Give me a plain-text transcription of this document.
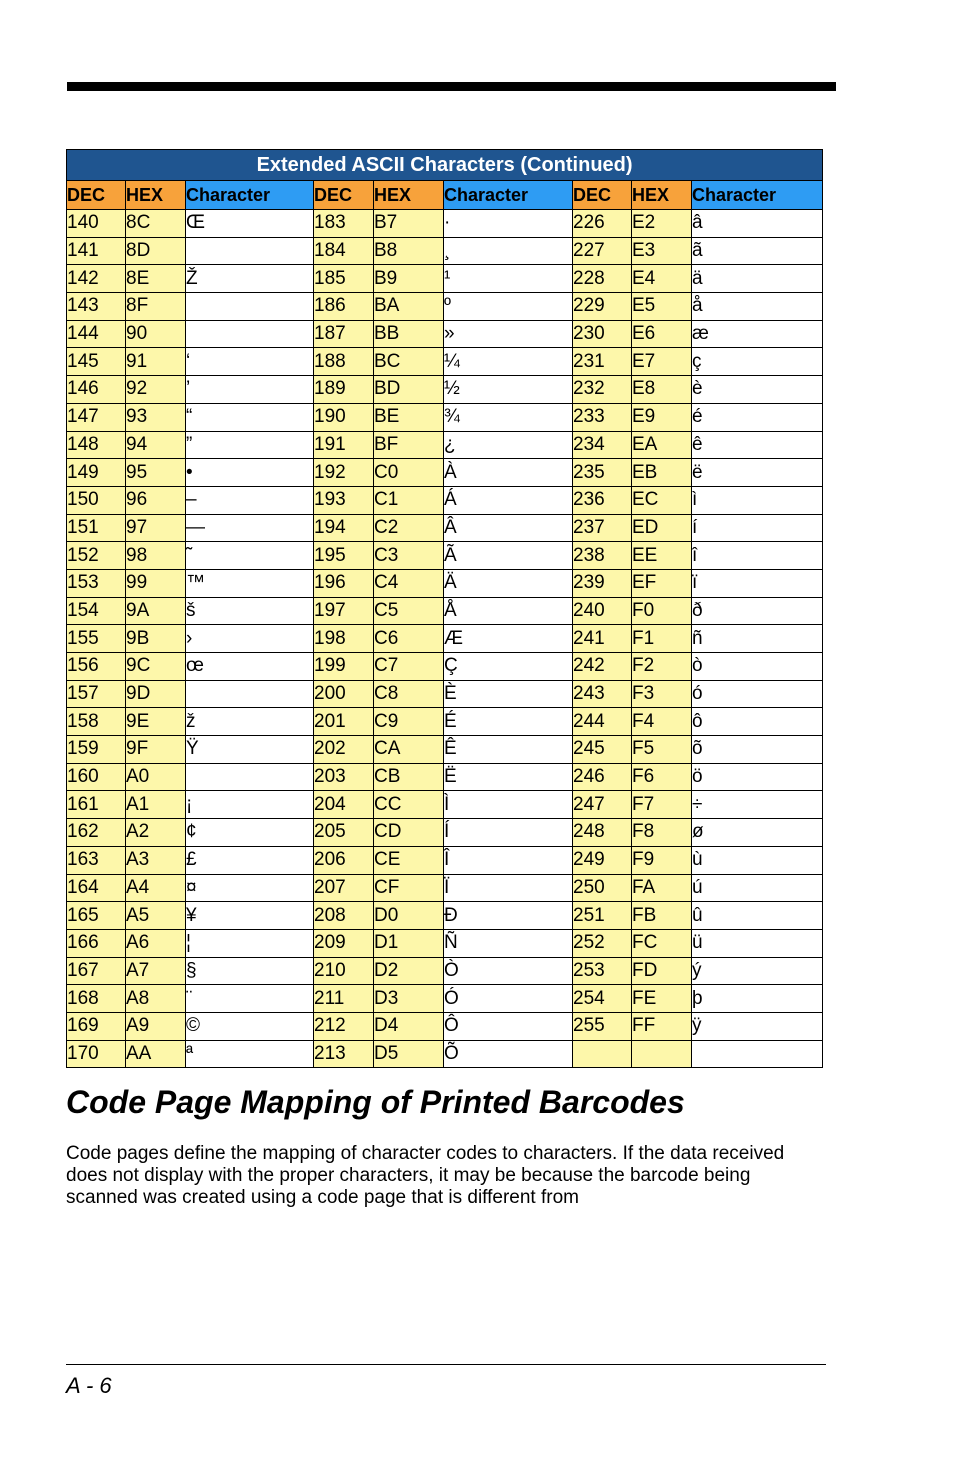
Extended ASCII Characters (Continued)								
DEC	HEX	Character	DEC	HEX	Character	DEC	HEX	Character
140	8C	Œ	183	B7	·	226	E2	â
141	8D		184	B8	¸	227	E3	ã
142	8E	Ž	185	B9	¹	228	E4	ä
143	8F		186	BA	º	229	E5	å
144	90		187	BB	»	230	E6	æ
145	91	‘	188	BC	¼	231	E7	ç
146	92	’	189	BD	½	232	E8	è
147	93	“	190	BE	¾	233	E9	é
148	94	”	191	BF	¿	234	EA	ê
149	95	•	192	C0	À	235	EB	ë
150	96	–	193	C1	Á	236	EC	ì
151	97	—	194	C2	Â	237	ED	í
152	98	˜	195	C3	Ã	238	EE	î
153	99	™	196	C4	Ä	239	EF	ï
154	9A	š	197	C5	Å	240	F0	ð
155	9B	›	198	C6	Æ	241	F1	ñ
156	9C	œ	199	C7	Ç	242	F2	ò
157	9D		200	C8	È	243	F3	ó
158	9E	ž	201	C9	É	244	F4	ô
159	9F	Ÿ	202	CA	Ê	245	F5	õ
160	A0		203	CB	Ë	246	F6	ö
161	A1	¡	204	CC	Ì	247	F7	÷
162	A2	¢	205	CD	Í	248	F8	ø
163	A3	£	206	CE	Î	249	F9	ù
164	A4	¤	207	CF	Ï	250	FA	ú
165	A5	¥	208	D0	Ð	251	FB	û
166	A6	¦	209	D1	Ñ	252	FC	ü
167	A7	§	210	D2	Ò	253	FD	ý
168	A8	¨	211	D3	Ó	254	FE	þ
169	A9	©	212	D4	Ô	255	FF	ÿ
170	AA	ª	213	D5	Õ			
Code Page Mapping of Printed Barcodes

Code pages define the mapping of character codes to characters. If the data received does not display with the proper characters, it may be because the barcode being scanned was created using a code page that is different from

A - 6
